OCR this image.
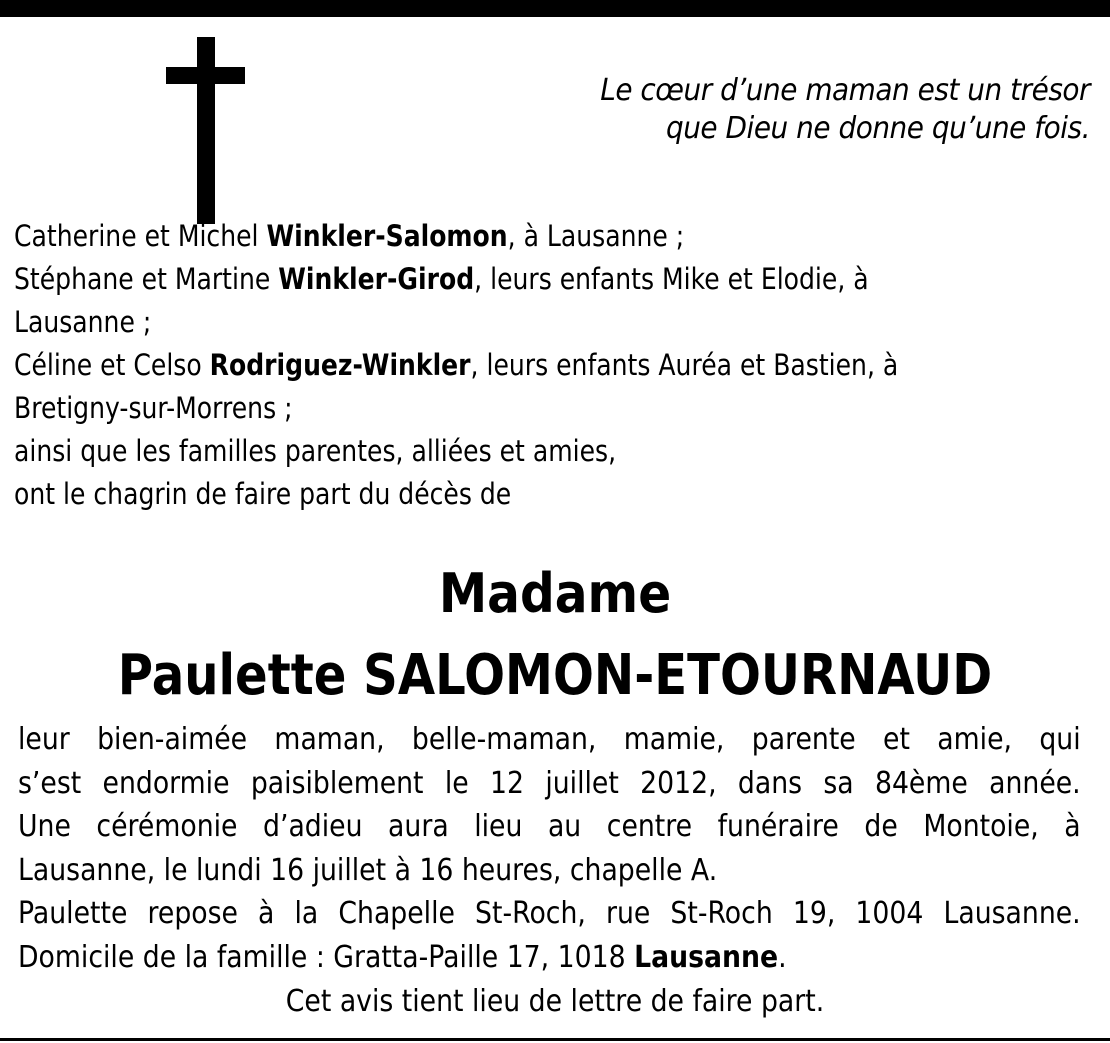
Le cœur d’une maman est un trésor
que Dieu ne donne qu’une fois.
Catherine et Michel Winkler-Salomon, à Lausanne ;
Stéphane et Martine Winkler-Girod, leurs enfants Mike et Elodie, à
Lausanne ;
Céline et Celso Rodriguez-Winkler, leurs enfants Auréa et Bastien, à
Bretigny-sur-Morrens ;
ainsi que les familles parentes, alliées et amies,
ont le chagrin de faire part du décès de
Madame
Paulette SALOMON-ETOURNAUD
leur bien-aimée maman, belle-maman, mamie, parente et amie, qui
s’est endormie paisiblement le 12 juillet 2012, dans sa 84ème année.
Une cérémonie d’adieu aura lieu au centre funéraire de Montoie, à
Lausanne, le lundi 16 juillet à 16 heures, chapelle A.
Paulette repose à la Chapelle St-Roch, rue St-Roch 19, 1004 Lausanne.
Domicile de la famille : Gratta-Paille 17, 1018 Lausanne.
Cet avis tient lieu de lettre de faire part.
